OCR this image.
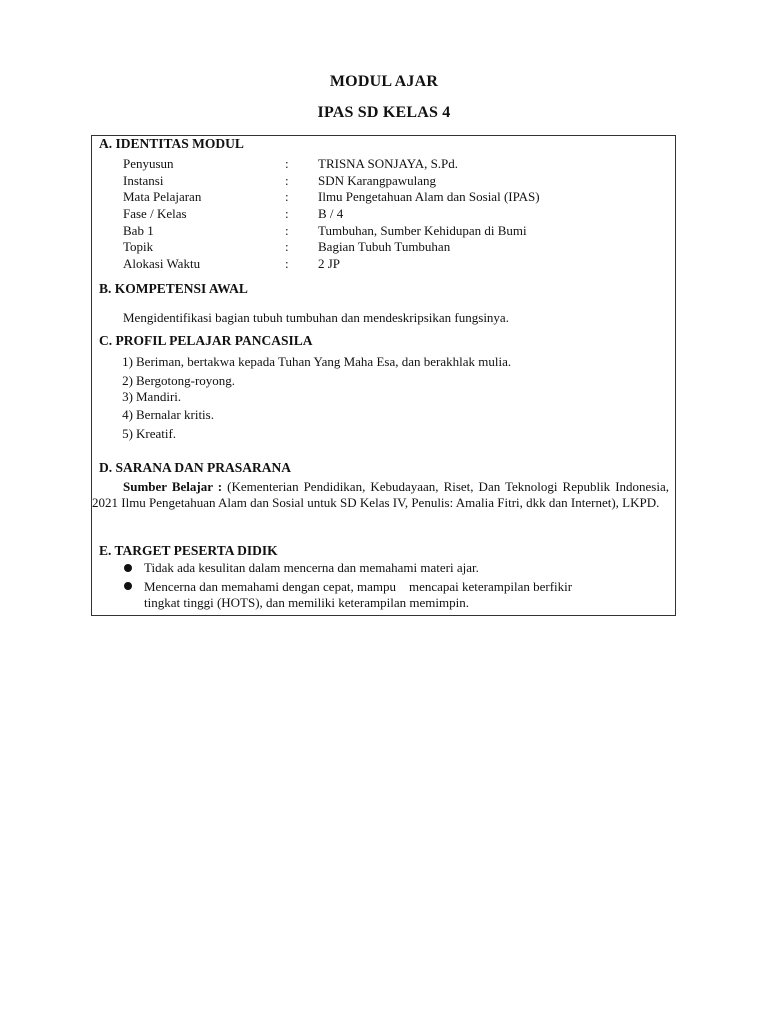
MODUL AJAR
IPAS SD KELAS 4
A. IDENTITAS MODUL
Penyusun	: TRISNA SONJAYA, S.Pd.
Instansi	: SDN Karangpawulang
Mata Pelajaran	: Ilmu Pengetahuan Alam dan Sosial (IPAS)
Fase / Kelas	: B / 4
Bab 1	: Tumbuhan, Sumber Kehidupan di Bumi
Topik	: Bagian Tubuh Tumbuhan
Alokasi Waktu	: 2 JP
B. KOMPETENSI AWAL
Mengidentifikasi bagian tubuh tumbuhan dan mendeskripsikan fungsinya.
C. PROFIL PELAJAR PANCASILA
1) Beriman, bertakwa kepada Tuhan Yang Maha Esa, dan berakhlak mulia.
2) Bergotong-royong.
3) Mandiri.
4) Bernalar kritis.
5) Kreatif.
D. SARANA DAN PRASARANA
Sumber Belajar : (Kementerian Pendidikan, Kebudayaan, Riset, Dan Teknologi Republik Indonesia, 2021 Ilmu Pengetahuan Alam dan Sosial untuk SD Kelas IV, Penulis: Amalia Fitri, dkk dan Internet), LKPD.
E. TARGET PESERTA DIDIK
Tidak ada kesulitan dalam mencerna dan memahami materi ajar.
Mencerna dan memahami dengan cepat, mampu    mencapai keterampilan berfikir
tingkat tinggi (HOTS), dan memiliki keterampilan memimpin.
